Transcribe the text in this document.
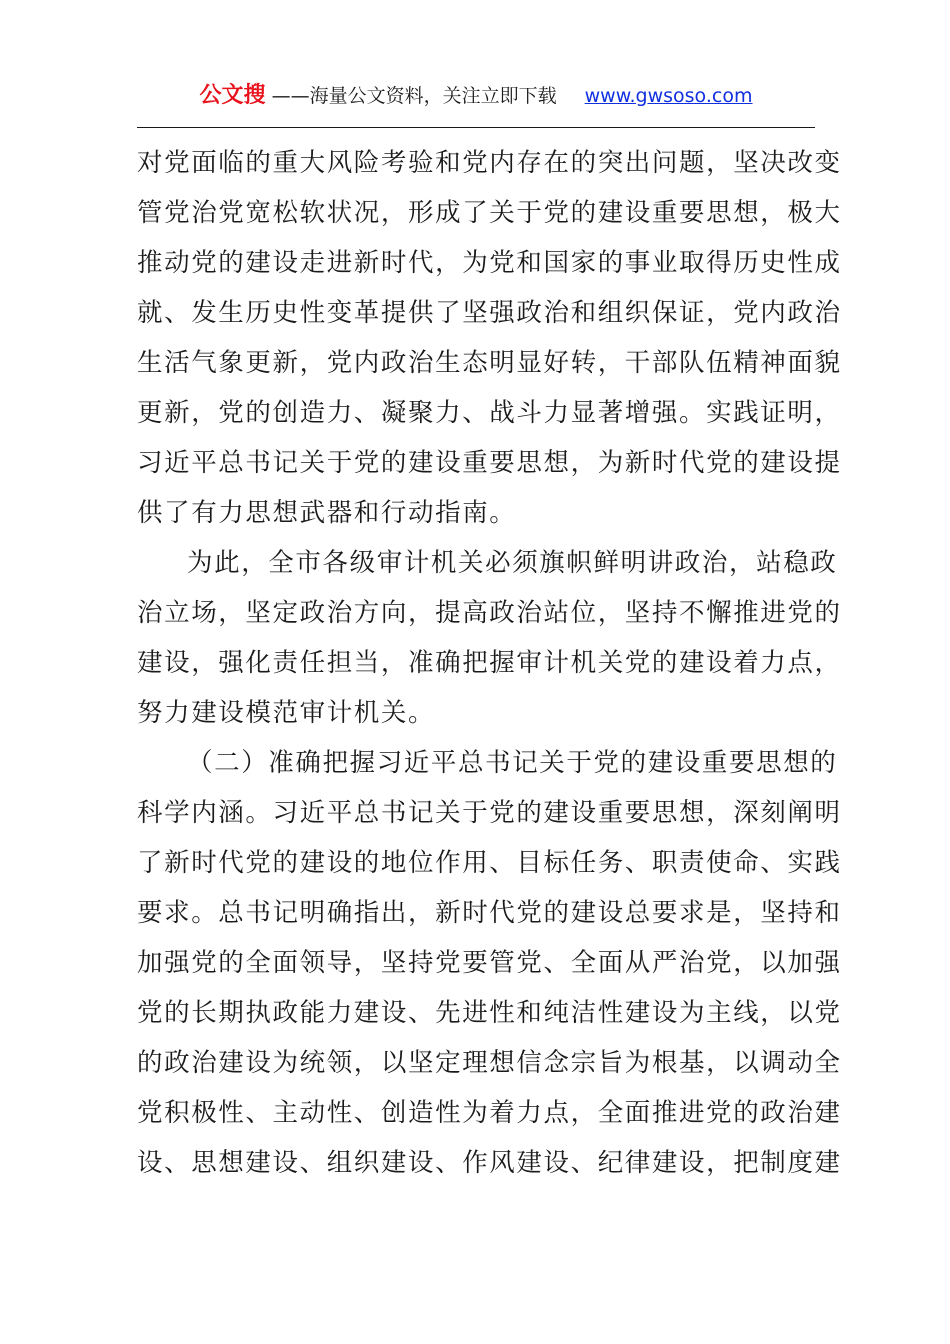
公文搜 ——海量公文资料，关注立即下载 www.gwsoso.com
对党面临的重大风险考验和党内存在的突出问题，坚决改变
管党治党宽松软状况，形成了关于党的建设重要思想，极大
推动党的建设走进新时代，为党和国家的事业取得历史性成
就、发生历史性变革提供了坚强政治和组织保证，党内政治
生活气象更新，党内政治生态明显好转，干部队伍精神面貌
更新，党的创造力、凝聚力、战斗力显著增强。实践证明，
习近平总书记关于党的建设重要思想，为新时代党的建设提
供了有力思想武器和行动指南。
为此，全市各级审计机关必须旗帜鲜明讲政治，站稳政
治立场，坚定政治方向，提高政治站位，坚持不懈推进党的
建设，强化责任担当，准确把握审计机关党的建设着力点，
努力建设模范审计机关。
（二）准确把握习近平总书记关于党的建设重要思想的
科学内涵。习近平总书记关于党的建设重要思想，深刻阐明
了新时代党的建设的地位作用、目标任务、职责使命、实践
要求。总书记明确指出，新时代党的建设总要求是，坚持和
加强党的全面领导，坚持党要管党、全面从严治党，以加强
党的长期执政能力建设、先进性和纯洁性建设为主线，以党
的政治建设为统领，以坚定理想信念宗旨为根基，以调动全
党积极性、主动性、创造性为着力点，全面推进党的政治建
设、思想建设、组织建设、作风建设、纪律建设，把制度建
